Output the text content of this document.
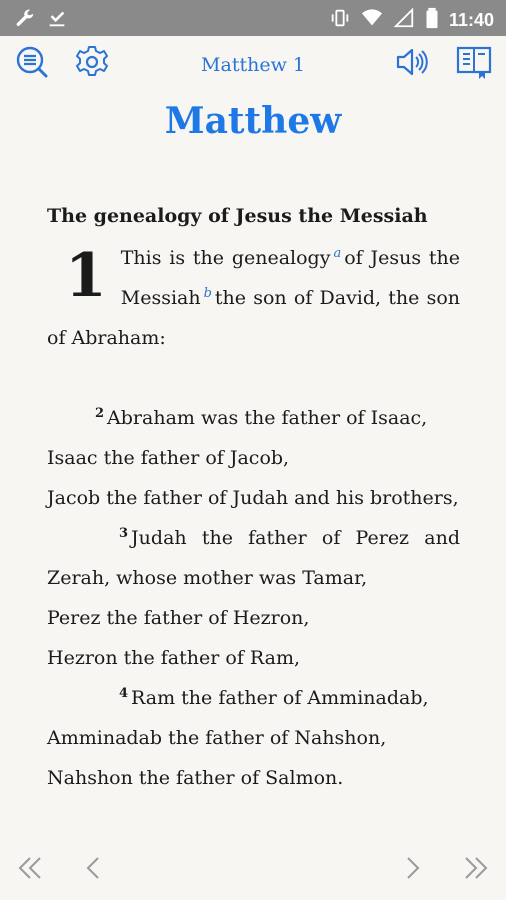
11:40
Matthew 1
Matthew

The genealogy of Jesus the Messiah

1 This is the genealogy $^a$ of Jesus the Messiah $^b$ the son of David, the son of Abraham:
$^2$ Abraham was the father of Isaac,
Isaac the father of Jacob,
Jacob the father of Judah and his brothers,
$^3$ Judah the father of Perez and Zerah, whose mother was Tamar,
Perez the father of Hezron,
Hezron the father of Ram,
$^4$ Ram the father of Amminadab,
Amminadab the father of Nahshon,
Nahshon the father of Salmon.
